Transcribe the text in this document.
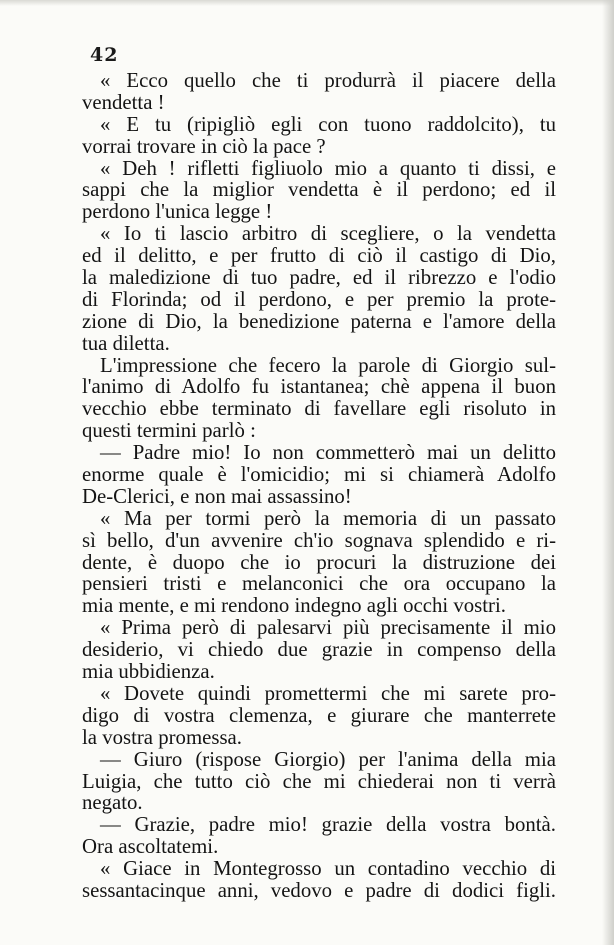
42
« Ecco quello che ti produrrà il piacere della
vendetta !
« E tu (ripigliò egli con tuono raddolcito), tu
vorrai trovare in ciò la pace ?
« Deh ! rifletti figliuolo mio a quanto ti dissi, e
sappi che la miglior vendetta è il perdono; ed il
perdono l'unica legge !
« Io ti lascio arbitro di scegliere, o la vendetta
ed il delitto, e per frutto di ciò il castigo di Dio,
la maledizione di tuo padre, ed il ribrezzo e l'odio
di Florinda; od il perdono, e per premio la prote-
zione di Dio, la benedizione paterna e l'amore della
tua diletta.
L'impressione che fecero la parole di Giorgio sul-
l'animo di Adolfo fu istantanea; chè appena il buon
vecchio ebbe terminato di favellare egli risoluto in
questi termini parlò :
— Padre mio! Io non commetterò mai un delitto
enorme quale è l'omicidio; mi si chiamerà Adolfo
De-Clerici, e non mai assassino!
« Ma per tormi però la memoria di un passato
sì bello, d'un avvenire ch'io sognava splendido e ri-
dente, è duopo che io procuri la distruzione dei
pensieri tristi e melanconici che ora occupano la
mia mente, e mi rendono indegno agli occhi vostri.
« Prima però di palesarvi più precisamente il mio
desiderio, vi chiedo due grazie in compenso della
mia ubbidienza.
« Dovete quindi promettermi che mi sarete pro-
digo di vostra clemenza, e giurare che manterrete
la vostra promessa.
— Giuro (rispose Giorgio) per l'anima della mia
Luigia, che tutto ciò che mi chiederai non ti verrà
negato.
— Grazie, padre mio! grazie della vostra bontà.
Ora ascoltatemi.
« Giace in Montegrosso un contadino vecchio di
sessantacinque anni, vedovo e padre di dodici figli.
